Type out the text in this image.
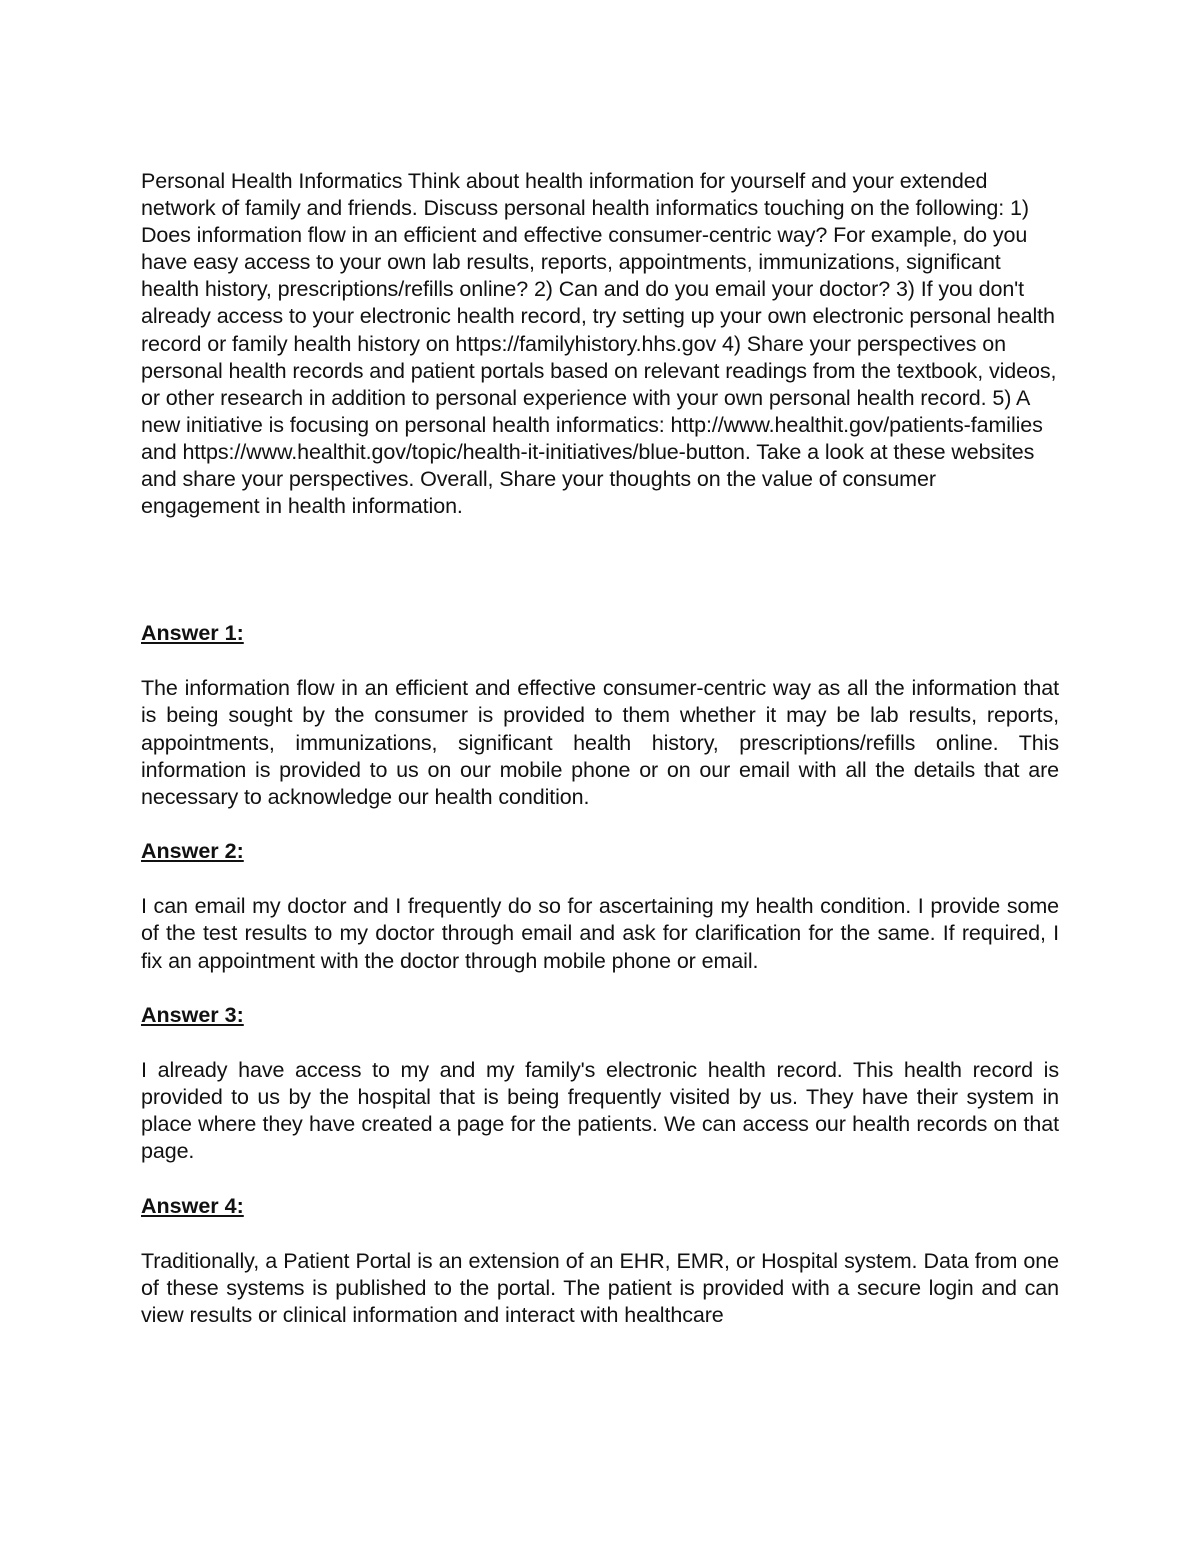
Personal Health Informatics Think about health information for yourself and your extended network of family and friends. Discuss personal health informatics touching on the following: 1) Does information flow in an efficient and effective consumer-centric way? For example, do you have easy access to your own lab results, reports, appointments, immunizations, significant health history, prescriptions/refills online? 2) Can and do you email your doctor? 3) If you don't already access to your electronic health record, try setting up your own electronic personal health record or family health history on https://familyhistory.hhs.gov 4) Share your perspectives on personal health records and patient portals based on relevant readings from the textbook, videos, or other research in addition to personal experience with your own personal health record. 5) A new initiative is focusing on personal health informatics: http://www.healthit.gov/patients-families and https://www.healthit.gov/topic/health-it-initiatives/blue-button. Take a look at these websites and share your perspectives. Overall, Share your thoughts on the value of consumer engagement in health information.

Answer 1:

The information flow in an efficient and effective consumer-centric way as all the information that is being sought by the consumer is provided to them whether it may be lab results, reports, appointments, immunizations, significant health history, prescriptions/refills online. This information is provided to us on our mobile phone or on our email with all the details that are necessary to acknowledge our health condition.

Answer 2:

I can email my doctor and I frequently do so for ascertaining my health condition. I provide some of the test results to my doctor through email and ask for clarification for the same. If required, I fix an appointment with the doctor through mobile phone or email.

Answer 3:

I already have access to my and my family's electronic health record. This health record is provided to us by the hospital that is being frequently visited by us. They have their system in place where they have created a page for the patients. We can access our health records on that page.

Answer 4:

Traditionally, a Patient Portal is an extension of an EHR, EMR, or Hospital system. Data from one of these systems is published to the portal. The patient is provided with a secure login and can view results or clinical information and interact with healthcare
